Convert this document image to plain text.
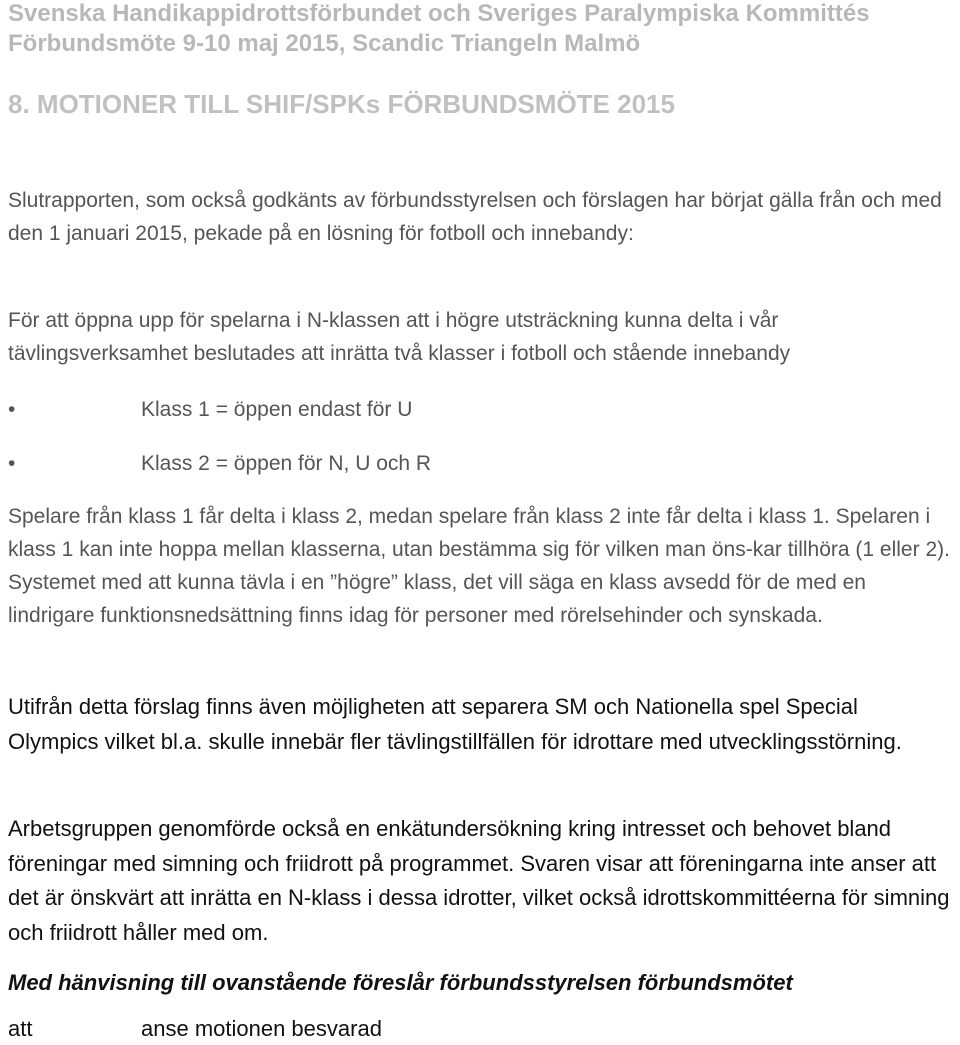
Svenska Handikappidrottsförbundet och Sveriges Paralympiska Kommittés

Förbundsmöte 9-10 maj 2015, Scandic Triangeln Malmö

8. MOTIONER TILL SHIF/SPKs FÖRBUNDSMÖTE 2015

Slutrapporten, som också godkänts av förbundsstyrelsen och förslagen har börjat gälla från och med den 1 januari 2015, pekade på en lösning för fotboll och innebandy:

För att öppna upp för spelarna i N-klassen att i högre utsträckning kunna delta i vår tävlingsverksamhet beslutades att inrätta två klasser i fotboll och stående innebandy

•	Klass 1 = öppen endast för U
•	Klass 2 = öppen för N, U och R

Spelare från klass 1 får delta i klass 2, medan spelare från klass 2 inte får delta i klass 1. Spelaren i klass 1 kan inte hoppa mellan klasserna, utan bestämma sig för vilken man öns-kar tillhöra (1 eller 2). Systemet med att kunna tävla i en ”högre” klass, det vill säga en klass avsedd för de med en lindrigare funktionsnedsättning finns idag för personer med rörelsehinder och synskada.

Utifrån detta förslag finns även möjligheten att separera SM och Nationella spel Special Olympics vilket bl.a. skulle innebär fler tävlingstillfällen för idrottare med utvecklingsstörning.

Arbetsgruppen genomförde också en enkätundersökning kring intresset och behovet bland föreningar med simning och friidrott på programmet. Svaren visar att föreningarna inte anser att det är önskvärt att inrätta en N-klass i dessa idrotter, vilket också idrottskommittéerna för simning och friidrott håller med om.

Med hänvisning till ovanstående föreslår förbundsstyrelsen förbundsmötet

att	anse motionen besvarad
